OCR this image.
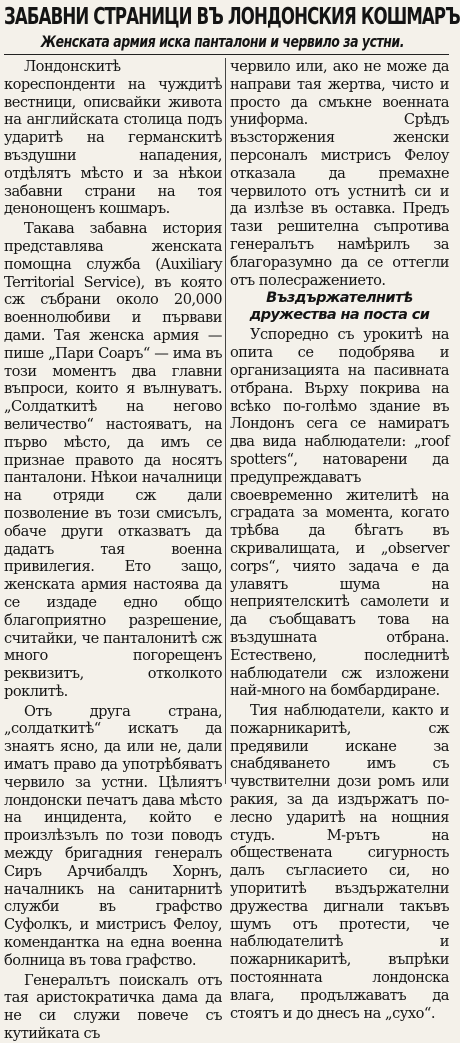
ЗАБАВНИ СТРАНИЦИ ВЪ ЛОНДОНСКИЯ КОШМАРЪ
Женската армия иска панталони и червило за устни.

Лондонскитѣ кореспонденти на чуждитѣ вестници, описвайки живота на английската столица подъ ударитѣ на германскитѣ въздушни нападения, отдѣлятъ мѣсто и за нѣкои забавни страни на тоя денонощенъ кошмаръ.

Такава забавна история представлява женската помощна служба (Auxiliary Territorial Service), въ която сж събрани около 20,000 военнолюбиви и първави дами. Тая женска армия — пише „Пари Соаръ“ — има въ този моментъ два главни въпроси, които я вълнуватъ. „Солдаткитѣ на негово величество“ настояватъ, на първо мѣсто, да имъ се признае правото да носятъ панталони. Нѣкои началници на отряди сж дали позволение въ този смисълъ, обаче други отказватъ да дадатъ тая военна привилегия. Ето защо, женската армия настоява да се издаде едно общо благоприятно разрешение, считайки, че панталонитѣ сж много погорещенъ реквизитъ, отколкото роклитѣ.

Отъ друга страна, „солдаткитѣ“ искатъ да знаятъ ясно, да или не, дали иматъ право да употрѣбяватъ червило за устни. Цѣлиятъ лондонски печатъ дава мѣсто на инцидента, който е произлѣзълъ по този поводъ между бригадния генералъ Сиръ Арчибалдъ Хорнъ, началникъ на санитарнитѣ служби въ графство Суфолкъ, и мистрисъ Фелоу, комендантка на една военна болница въ това графство.

Генералътъ поискалъ отъ тая аристократичка дама да не си служи повече съ кутийката съ

червило или, ако не може да направи тая жертва, чисто и просто да смъкне военната униформа. Срѣдъ възсторжения женски персоналъ мистрисъ Фелоу отказала да премахне червилото отъ устнитѣ си и да излѣзе въ оставка. Предъ тази решителна съпротива генералътъ намѣрилъ за благоразумно да се оттегли отъ полесражението.

Въздържателнитѣ дружества на поста си

Успоредно съ урокитѣ на опита се подобрява и организацията на пасивната отбрана. Върху покрива на всѣко по-голѣмо здание въ Лондонъ сега се намиратъ два вида наблюдатели: „roof spotters“, натоварени да предупреждаватъ своевременно жителитѣ на сградата за момента, когато трѣбва да бѣгатъ въ скривалищата, и „observer corps“, чиято задача е да улавятъ шума на неприятелскитѣ самолети и да съобщаватъ това на въздушната отбрана. Естествено, последнитѣ наблюдатели сж изложени най-много на бомбардиране.

Тия наблюдатели, както и пожарникаритѣ, сж предявили искане за снабдяването имъ съ чувствителни дози ромъ или ракия, за да издържатъ по-лесно ударитѣ на нощния студъ. М-рътъ на обществената сигурность далъ съгласието си, но упорититѣ въздържателни дружества дигнали такъвъ шумъ отъ протести, че наблюдателитѣ и пожарникаритѣ, въпрѣки постоянната лондонска влага, продължаватъ да стоятъ и до днесъ на „сухо“.
